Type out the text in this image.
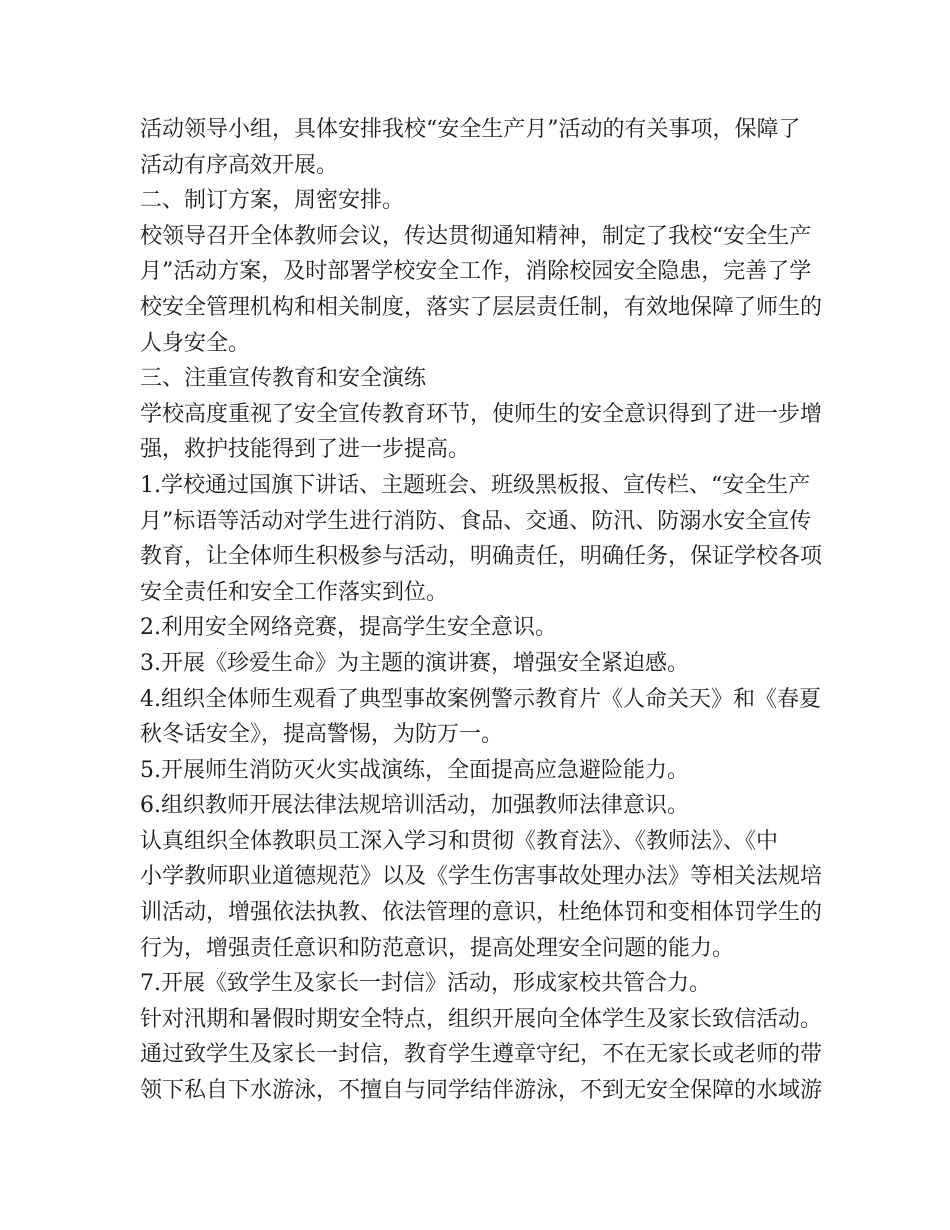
活动领导小组，具体安排我校“安全生产月”活动的有关事项，保障了

活动有序高效开展。

二、制订方案，周密安排。

校领导召开全体教师会议，传达贯彻通知精神，制定了我校“安全生产

月”活动方案，及时部署学校安全工作，消除校园安全隐患，完善了学

校安全管理机构和相关制度，落实了层层责任制，有效地保障了师生的

人身安全。

三、注重宣传教育和安全演练

学校高度重视了安全宣传教育环节，使师生的安全意识得到了进一步增

强，救护技能得到了进一步提高。

1.学校通过国旗下讲话、主题班会、班级黑板报、宣传栏、“安全生产

月”标语等活动对学生进行消防、食品、交通、防汛、防溺水安全宣传

教育，让全体师生积极参与活动，明确责任，明确任务，保证学校各项

安全责任和安全工作落实到位。

2.利用安全网络竞赛，提高学生安全意识。

3.开展《珍爱生命》为主题的演讲赛，增强安全紧迫感。

4.组织全体师生观看了典型事故案例警示教育片《人命关天》和《春夏

秋冬话安全》，提高警惕，为防万一。

5.开展师生消防灭火实战演练，全面提高应急避险能力。

6.组织教师开展法律法规培训活动，加强教师法律意识。

认真组织全体教职员工深入学习和贯彻《教育法》、《教师法》、《中

小学教师职业道德规范》以及《学生伤害事故处理办法》等相关法规培

训活动，增强依法执教、依法管理的意识，杜绝体罚和变相体罚学生的

行为，增强责任意识和防范意识，提高处理安全问题的能力。

7.开展《致学生及家长一封信》活动，形成家校共管合力。

针对汛期和暑假时期安全特点，组织开展向全体学生及家长致信活动。

通过致学生及家长一封信，教育学生遵章守纪，不在无家长或老师的带

领下私自下水游泳，不擅自与同学结伴游泳，不到无安全保障的水域游
